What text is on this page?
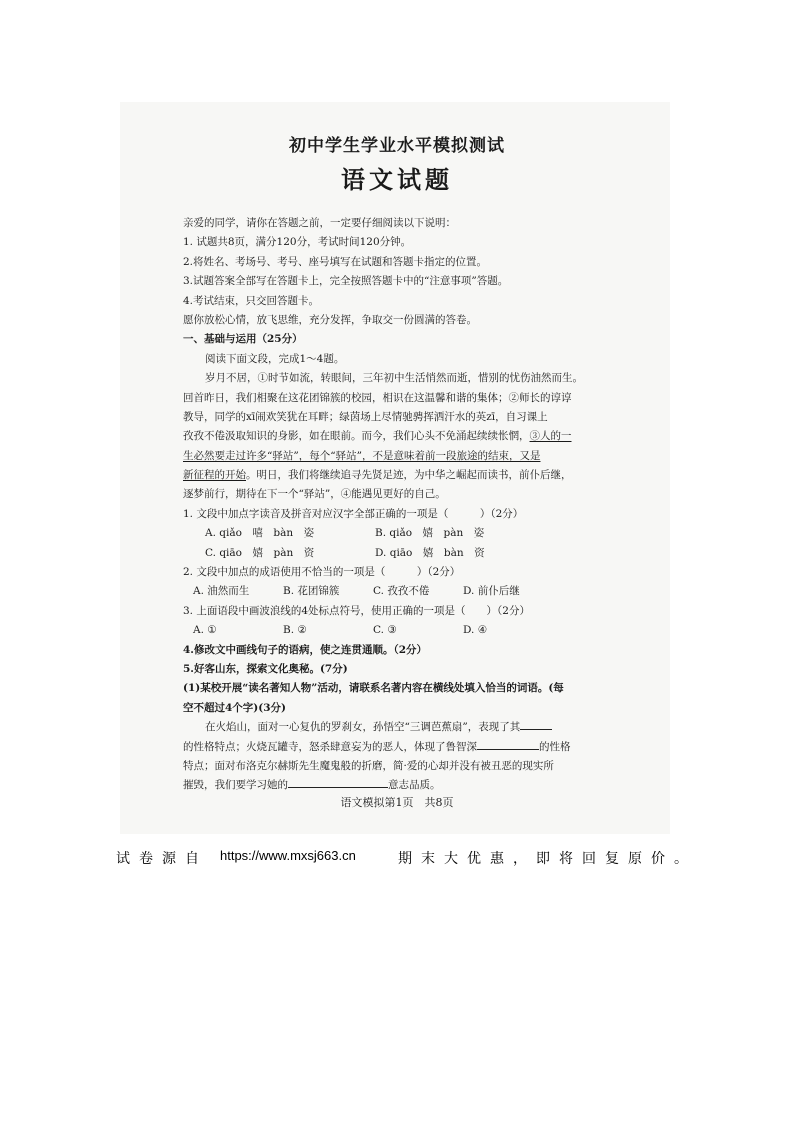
初中学生学业水平模拟测试
语文试题
亲爱的同学，请你在答题之前，一定要仔细阅读以下说明：
1. 试题共8页，满分120分，考试时间120分钟。
2.将姓名、考场号、考号、座号填写在试题和答题卡指定的位置。
3.试题答案全部写在答题卡上，完全按照答题卡中的“注意事项”答题。
4.考试结束，只交回答题卡。
愿你放松心情，放飞思维，充分发挥，争取交一份圆满的答卷。
一、基础与运用（25分）
阅读下面文段，完成1～4题。
岁月不居，①时节如流，转眼间，三年初中生活悄然而逝，惜别的忧伤油然而生。
回首昨日，我们相聚在这花团锦簇的校园，相识在这温馨和谐的集体；②师长的谆谆
教导，同学的xī闹欢笑犹在耳畔；绿茵场上尽情驰骋挥洒汗水的英zī，自习课上
孜孜不倦汲取知识的身影，如在眼前。而今，我们心头不免涌起续续怅惘，③人的一
生必然要走过许多“驿站”，每个“驿站”，不是意味着前一段旅途的结束，又是
新征程的开始。明日，我们将继续追寻先贤足迹，为中华之崛起而读书，前仆后继，
逐梦前行，期待在下一个“驿站”，④能遇见更好的自己。
1. 文段中加点字读音及拼音对应汉字全部正确的一项是（　　　）（2分）
A. qiǎo　嘻　bàn　姿	B. qiǎo　嬉　pàn　姿
C. qiāo　嬉　pàn　资	D. qiāo　嬉　bàn　资
2. 文段中加点的成语使用不恰当的一项是（　　　）（2分）
A. 油然而生	B. 花团锦簇	C. 孜孜不倦	D. 前仆后继
3. 上面语段中画波浪线的4处标点符号，使用正确的一项是（　　）（2分）
A. ①	B. ②	C. ③	D. ④
4.修改文中画线句子的语病，使之连贯通顺。（2分）
5.好客山东，探索文化奥秘。(7分)
(1)某校开展“读名著知人物”活动，请联系名著内容在横线处填入恰当的词语。(每
空不超过4个字)(3分)
在火焰山，面对一心复仇的罗刹女，孙悟空“三调芭蕉扇”，表现了其
的性格特点；火烧瓦罐寺，怒杀肆意妄为的恶人，体现了鲁智深	的性格
特点；面对布洛克尔赫斯先生魔鬼般的折磨，简·爱的心却并没有被丑恶的现实所
摧毁，我们要学习她的	意志品质。
语文模拟第1页　共8页
试卷源自 https://www.mxsj663.cn	期末大优惠，即将回复原价。
